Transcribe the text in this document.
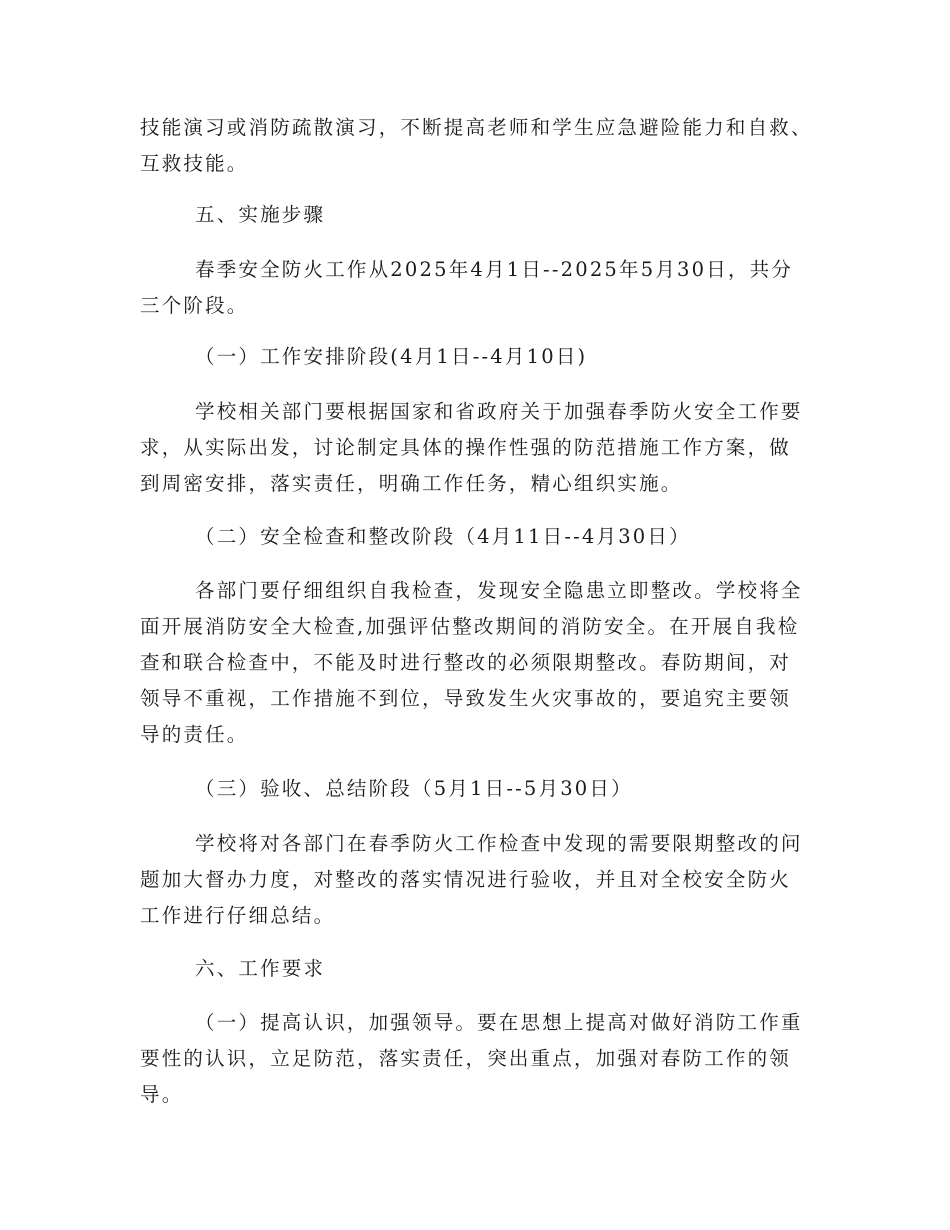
技能演习或消防疏散演习，不断提高老师和学生应急避险能力和自救、
互救技能。
五、实施步骤
春季安全防火工作从2025年4月1日--2025年5月30日，共分
三个阶段。
（一）工作安排阶段(4月1日--4月10日)
学校相关部门要根据国家和省政府关于加强春季防火安全工作要
求，从实际出发，讨论制定具体的操作性强的防范措施工作方案，做
到周密安排，落实责任，明确工作任务，精心组织实施。
（二）安全检查和整改阶段（4月11日--4月30日）
各部门要仔细组织自我检查，发现安全隐患立即整改。学校将全
面开展消防安全大检查,加强评估整改期间的消防安全。在开展自我检
查和联合检查中，不能及时进行整改的必须限期整改。春防期间，对
领导不重视，工作措施不到位，导致发生火灾事故的，要追究主要领
导的责任。
（三）验收、总结阶段（5月1日--5月30日）
学校将对各部门在春季防火工作检查中发现的需要限期整改的问
题加大督办力度，对整改的落实情况进行验收，并且对全校安全防火
工作进行仔细总结。
六、工作要求
（一）提高认识，加强领导。要在思想上提高对做好消防工作重
要性的认识，立足防范，落实责任，突出重点，加强对春防工作的领
导。
